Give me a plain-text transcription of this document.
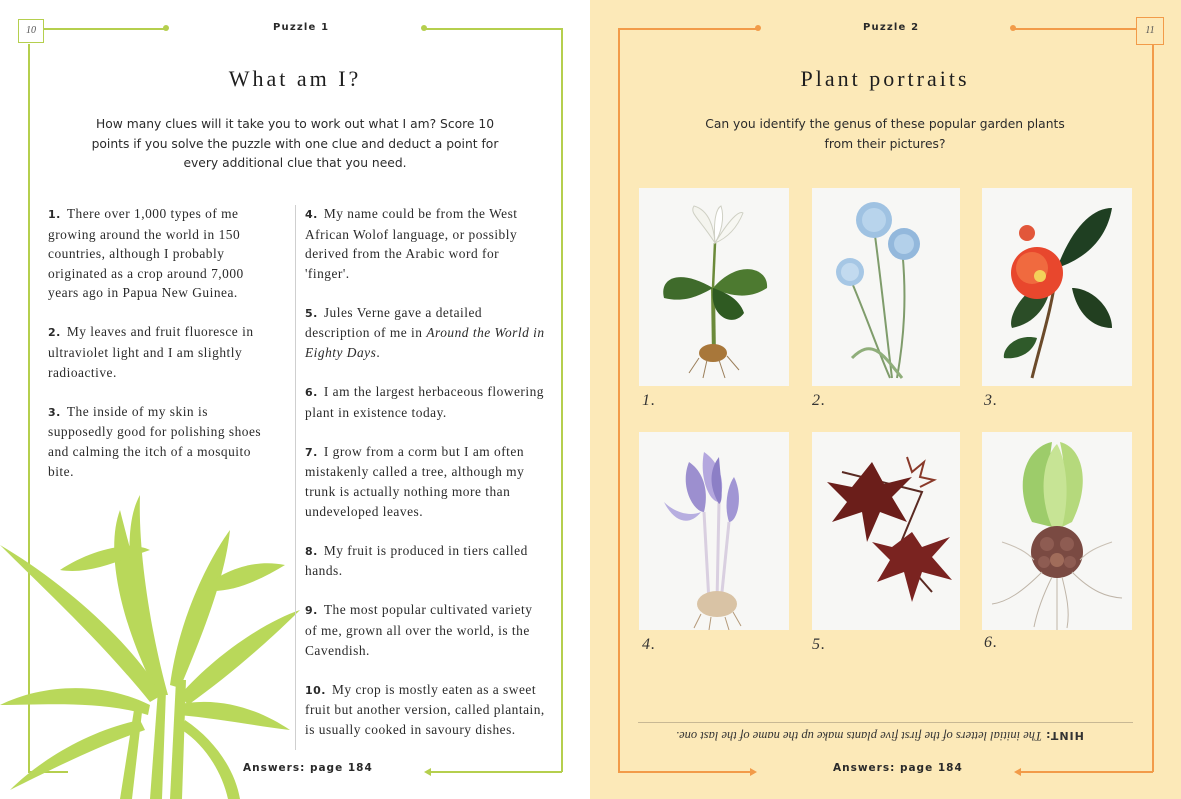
10	Puzzle 1
What am I?
How many clues will it take you to work out what I am? Score 10 points if you solve the puzzle with one clue and deduct a point for every additional clue that you need.

1. There over 1,000 types of me growing around the world in 150 countries, although I probably originated as a crop around 7,000 years ago in Papua New Guinea.

2. My leaves and fruit fluoresce in ultraviolet light and I am slightly radioactive.

3. The inside of my skin is supposedly good for polishing shoes and calming the itch of a mosquito bite.

4. My name could be from the West African Wolof language, or possibly derived from the Arabic word for 'finger'.

5. Jules Verne gave a detailed description of me in Around the World in Eighty Days.

6. I am the largest herbaceous flowering plant in existence today.

7. I grow from a corm but I am often mistakenly called a tree, although my trunk is actually nothing more than undeveloped leaves.

8. My fruit is produced in tiers called hands.

9. The most popular cultivated variety of me, grown all over the world, is the Cavendish.

10. My crop is mostly eaten as a sweet fruit but another version, called plantain, is usually cooked in savoury dishes.

Answers: page 184
11
Puzzle 2
Plant portraits
Can you identify the genus of these popular garden plants from their pictures?
1.	2.	3.
4.	5.	6.
HINT: The initial letters of the first five plants make up the name of the last one.
Answers: page 184
